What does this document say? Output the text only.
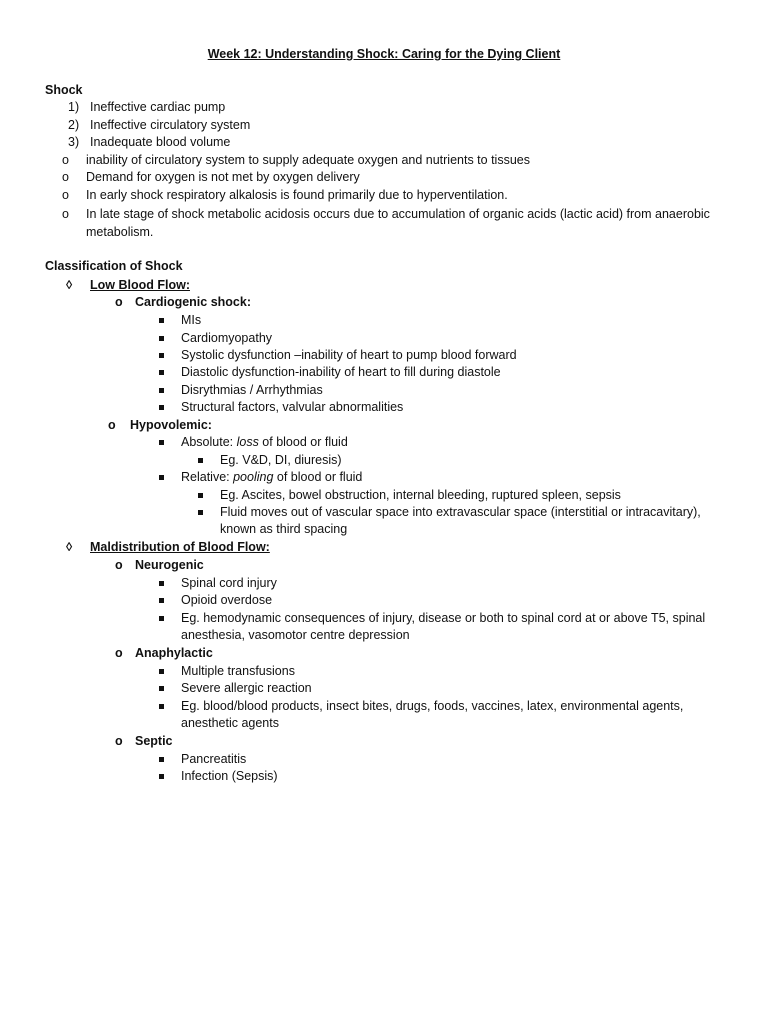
Week 12: Understanding Shock: Caring for the Dying Client
Shock
1) Ineffective cardiac pump
2) Ineffective circulatory system
3) Inadequate blood volume
o inability of circulatory system to supply adequate oxygen and nutrients to tissues
o Demand for oxygen is not met by oxygen delivery
o In early shock respiratory alkalosis is found primarily due to hyperventilation.
o In late stage of shock metabolic acidosis occurs due to accumulation of organic acids (lactic acid) from anaerobic metabolism.
Classification of Shock
◊ Low Blood Flow:
o Cardiogenic shock:
MIs
Cardiomyopathy
Systolic dysfunction –inability of heart to pump blood forward
Diastolic dysfunction-inability of heart to fill during diastole
Disrythmias / Arrhythmias
Structural factors, valvular abnormalities
o Hypovolemic:
Absolute: loss of blood or fluid
Eg. V&D, DI, diuresis)
Relative: pooling of blood or fluid
Eg. Ascites, bowel obstruction, internal bleeding, ruptured spleen, sepsis
Fluid moves out of vascular space into extravascular space (interstitial or intracavitary),
known as third spacing
◊ Maldistribution of Blood Flow:
o Neurogenic
Spinal cord injury
Opioid overdose
Eg. hemodynamic consequences of injury, disease or both to spinal cord at or above T5, spinal
anesthesia, vasomotor centre depression
o Anaphylactic
Multiple transfusions
Severe allergic reaction
Eg. blood/blood products, insect bites, drugs, foods, vaccines, latex, environmental agents,
anesthetic agents
o Septic
Pancreatitis
Infection (Sepsis)
